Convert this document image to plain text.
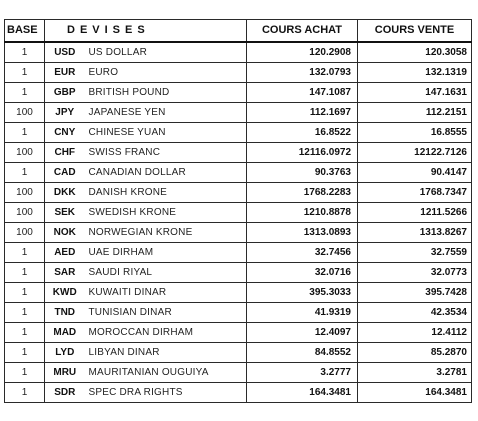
BASE	DEVISES		COURS ACHAT	COURS VENTE
1	USD	US DOLLAR	120.2908	120.3058
1	EUR	EURO	132.0793	132.1319
1	GBP	BRITISH POUND	147.1087	147.1631
100	JPY	JAPANESE YEN	112.1697	112.2151
1	CNY	CHINESE YUAN	16.8522	16.8555
100	CHF	SWISS FRANC	12116.0972	12122.7126
1	CAD	CANADIAN DOLLAR	90.3763	90.4147
100	DKK	DANISH KRONE	1768.2283	1768.7347
100	SEK	SWEDISH KRONE	1210.8878	1211.5266
100	NOK	NORWEGIAN KRONE	1313.0893	1313.8267
1	AED	UAE DIRHAM	32.7456	32.7559
1	SAR	SAUDI RIYAL	32.0716	32.0773
1	KWD	KUWAITI DINAR	395.3033	395.7428
1	TND	TUNISIAN DINAR	41.9319	42.3534
1	MAD	MOROCCAN DIRHAM	12.4097	12.4112
1	LYD	LIBYAN DINAR	84.8552	85.2870
1	MRU	MAURITANIAN OUGUIYA	3.2777	3.2781
1	SDR	SPEC DRA RIGHTS	164.3481	164.3481
